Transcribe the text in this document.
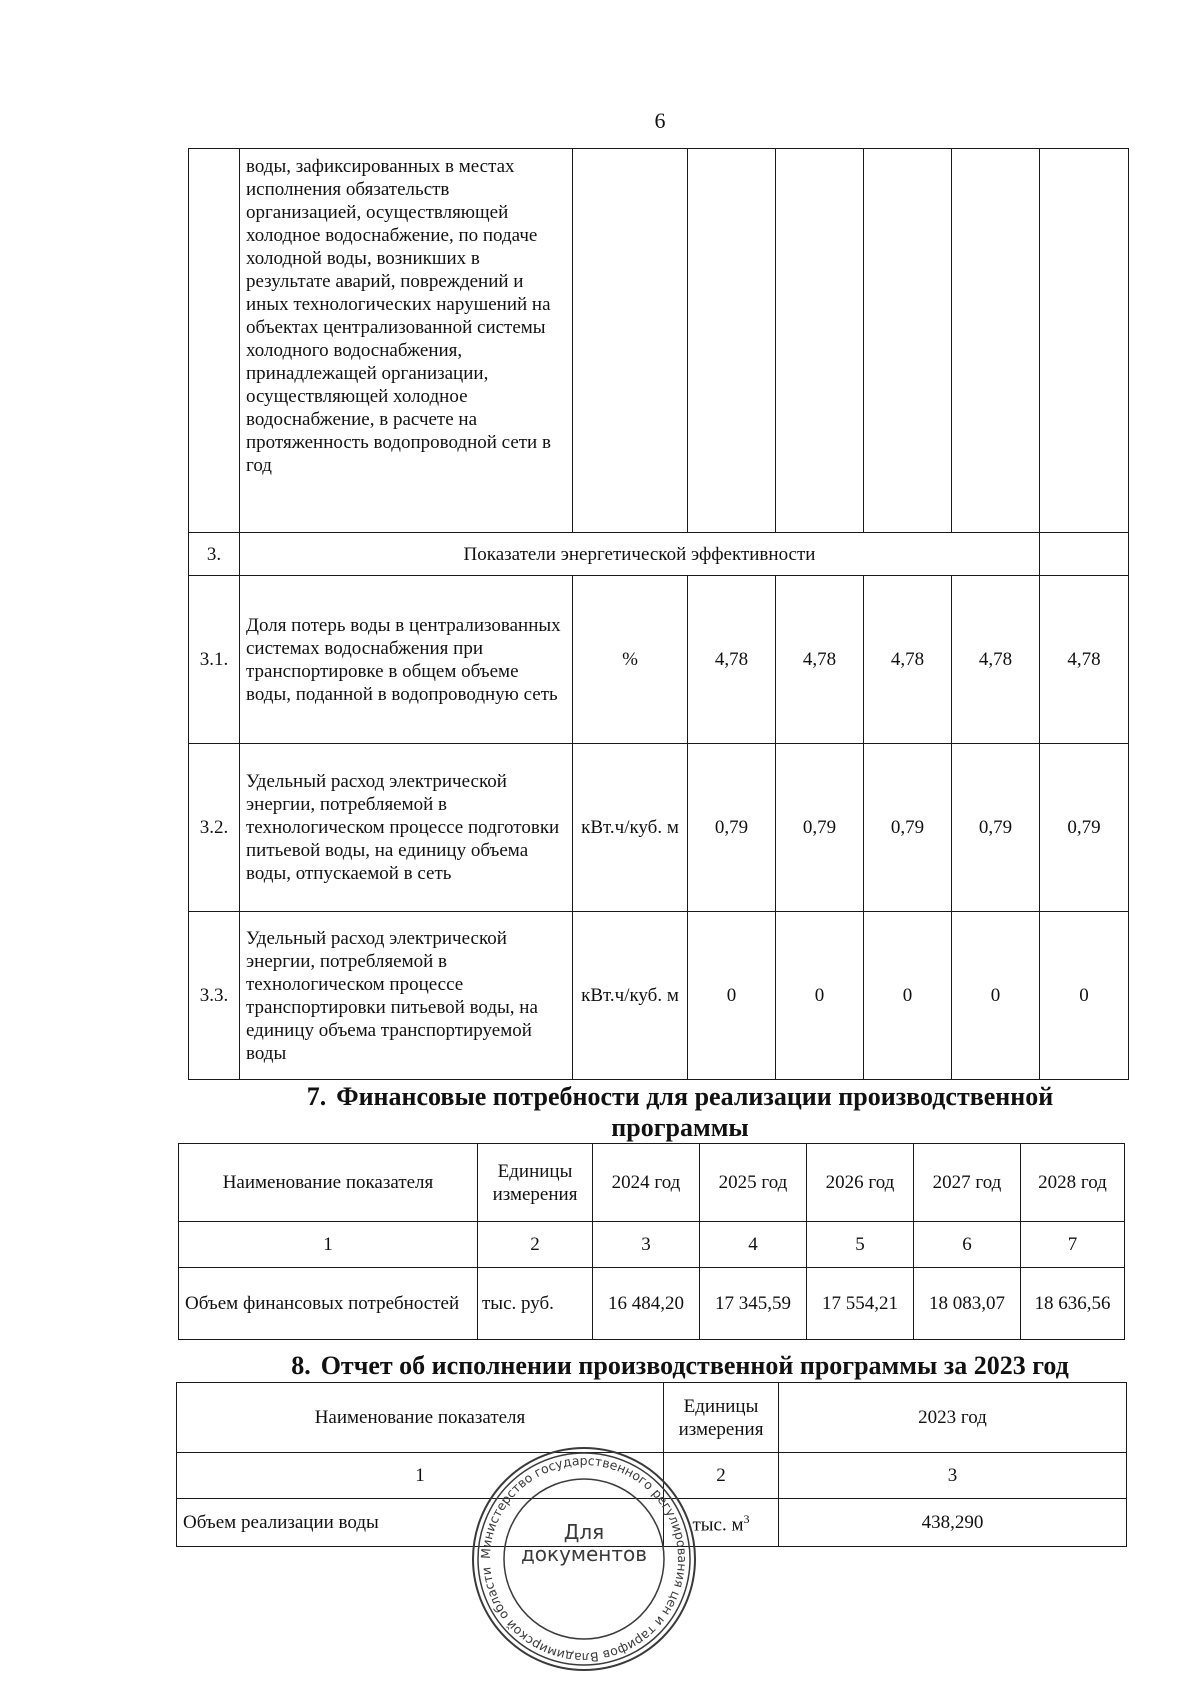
6
	воды, зафиксированных в местах исполнения обязательств организацией, осуществляющей холодное водоснабжение, по подаче холодной воды, возникших в результате аварий, повреждений и иных технологических нарушений на объектах централизованной системы холодного водоснабжения, принадлежащей организации, осуществляющей холодное водоснабжение, в расчете на протяженность водопроводной сети в год						
3.	Показатели энергетической эффективности						
3.1.	Доля потерь воды в централизованных системах водоснабжения при транспортировке в общем объеме воды, поданной в водопроводную сеть	%	4,78	4,78	4,78	4,78	4,78
3.2.	Удельный расход электрической энергии, потребляемой в технологическом процессе подготовки питьевой воды, на единицу объема воды, отпускаемой в сеть	кВт.ч/куб. м	0,79	0,79	0,79	0,79	0,79
3.3.	Удельный расход электрической энергии, потребляемой в технологическом процессе транспортировки питьевой воды, на единицу объема транспортируемой воды	кВт.ч/куб. м	0	0	0	0	0
7. Финансовые потребности для реализации производственной
программы
Наименование показателя	Единицы измерения	2024 год	2025 год	2026 год	2027 год	2028 год
1	2	3	4	5	6	7
Объем финансовых потребностей	тыс. руб.	16 484,20	17 345,59	17 554,21	18 083,07	18 636,56
8. Отчет об исполнении производственной программы за 2023 год
Наименование показателя	Единицы измерения	2023 год
1	2	3
Объем реализации воды	тыс. $м^3$	438,290
Министерство государственного регулирования цен и тарифов Владимирской области
Для
документов
